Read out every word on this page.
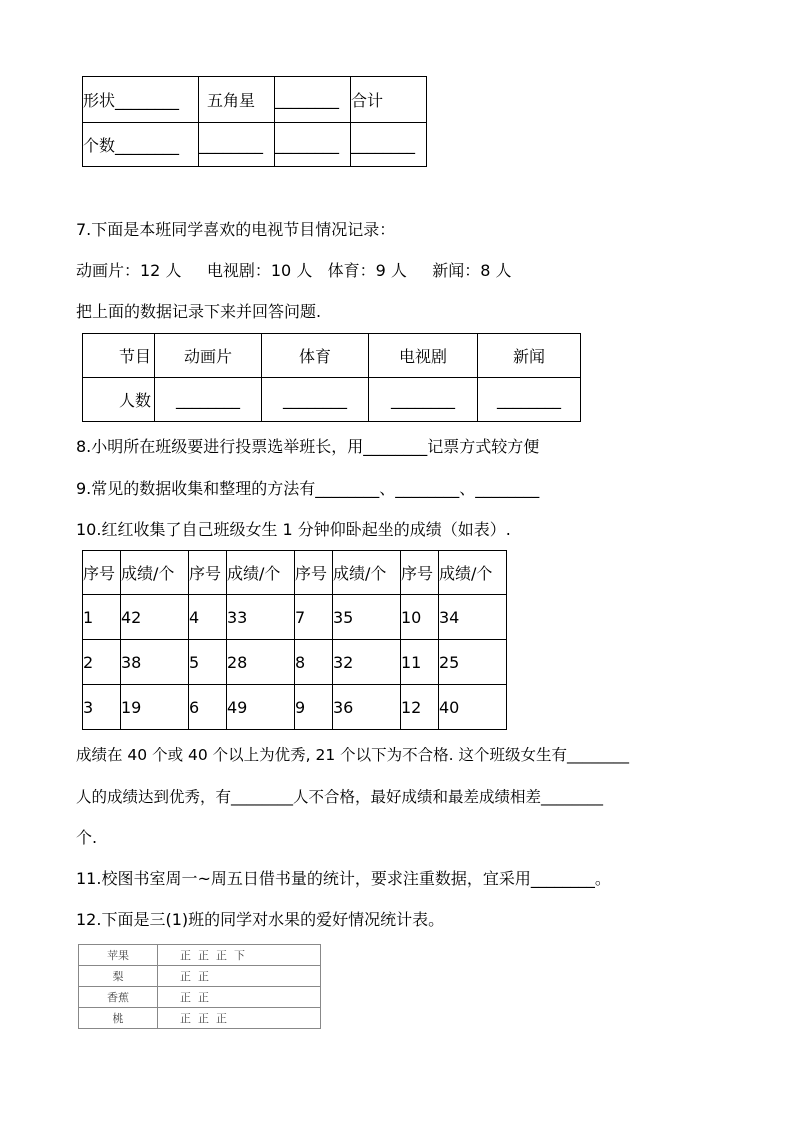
形状________	五角星	________	合计
个数________	________	________	________
7.下面是本班同学喜欢的电视节目情况记录：
动画片：12 人     电视剧：10 人   体育：9 人     新闻：8 人
把上面的数据记录下来并回答问题.
节目	动画片	体育	电视剧	新闻
人数	________	________	________	________
8.小明所在班级要进行投票选举班长，用________记票方式较方便
9.常见的数据收集和整理的方法有________、________、________
10.红红收集了自己班级女生 1 分钟仰卧起坐的成绩（如表）.
序号	成绩/个	序号	成绩/个	序号	成绩/个	序号	成绩/个
1	42	4	33	7	35	10	34
2	38	5	28	8	32	11	25
3	19	6	49	9	36	12	40
成绩在 40 个或 40 个以上为优秀, 21 个以下为不合格. 这个班级女生有________
人的成绩达到优秀，有________人不合格，最好成绩和最差成绩相差________
个.
11.校图书室周一~周五日借书量的统计，要求注重数据，宜采用________。
12.下面是三(1)班的同学对水果的爱好情况统计表。
苹果	正  正  正  下
梨	正  正
香蕉	正  正
桃	正  正  正
